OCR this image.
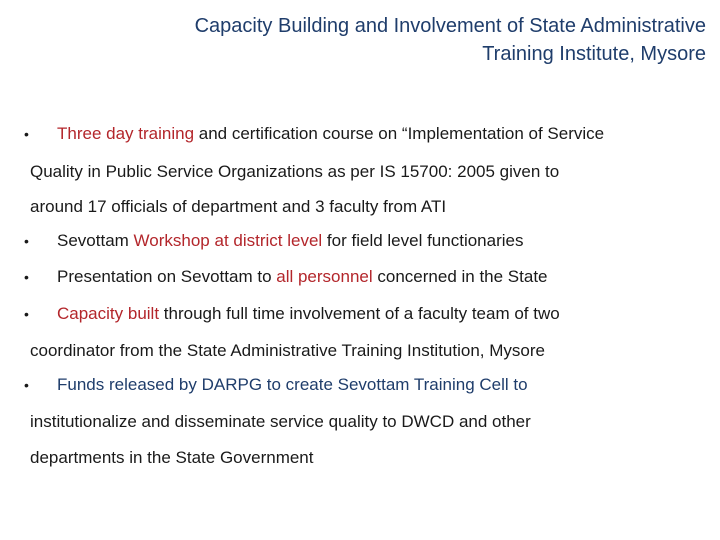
Capacity Building and Involvement of State Administrative
Training Institute, Mysore
• Three day training and certification course on “Implementation of Service
Quality in Public Service Organizations as per IS 15700: 2005 given to
around 17 officials of department and 3 faculty from ATI
• Sevottam Workshop at district level for field level functionaries
• Presentation on Sevottam to all personnel concerned in the State
• Capacity built through full time involvement of a faculty team of two
coordinator from the State Administrative Training Institution, Mysore
• Funds released by DARPG to create Sevottam Training Cell to
institutionalize and disseminate service quality to DWCD and other
departments in the State Government
